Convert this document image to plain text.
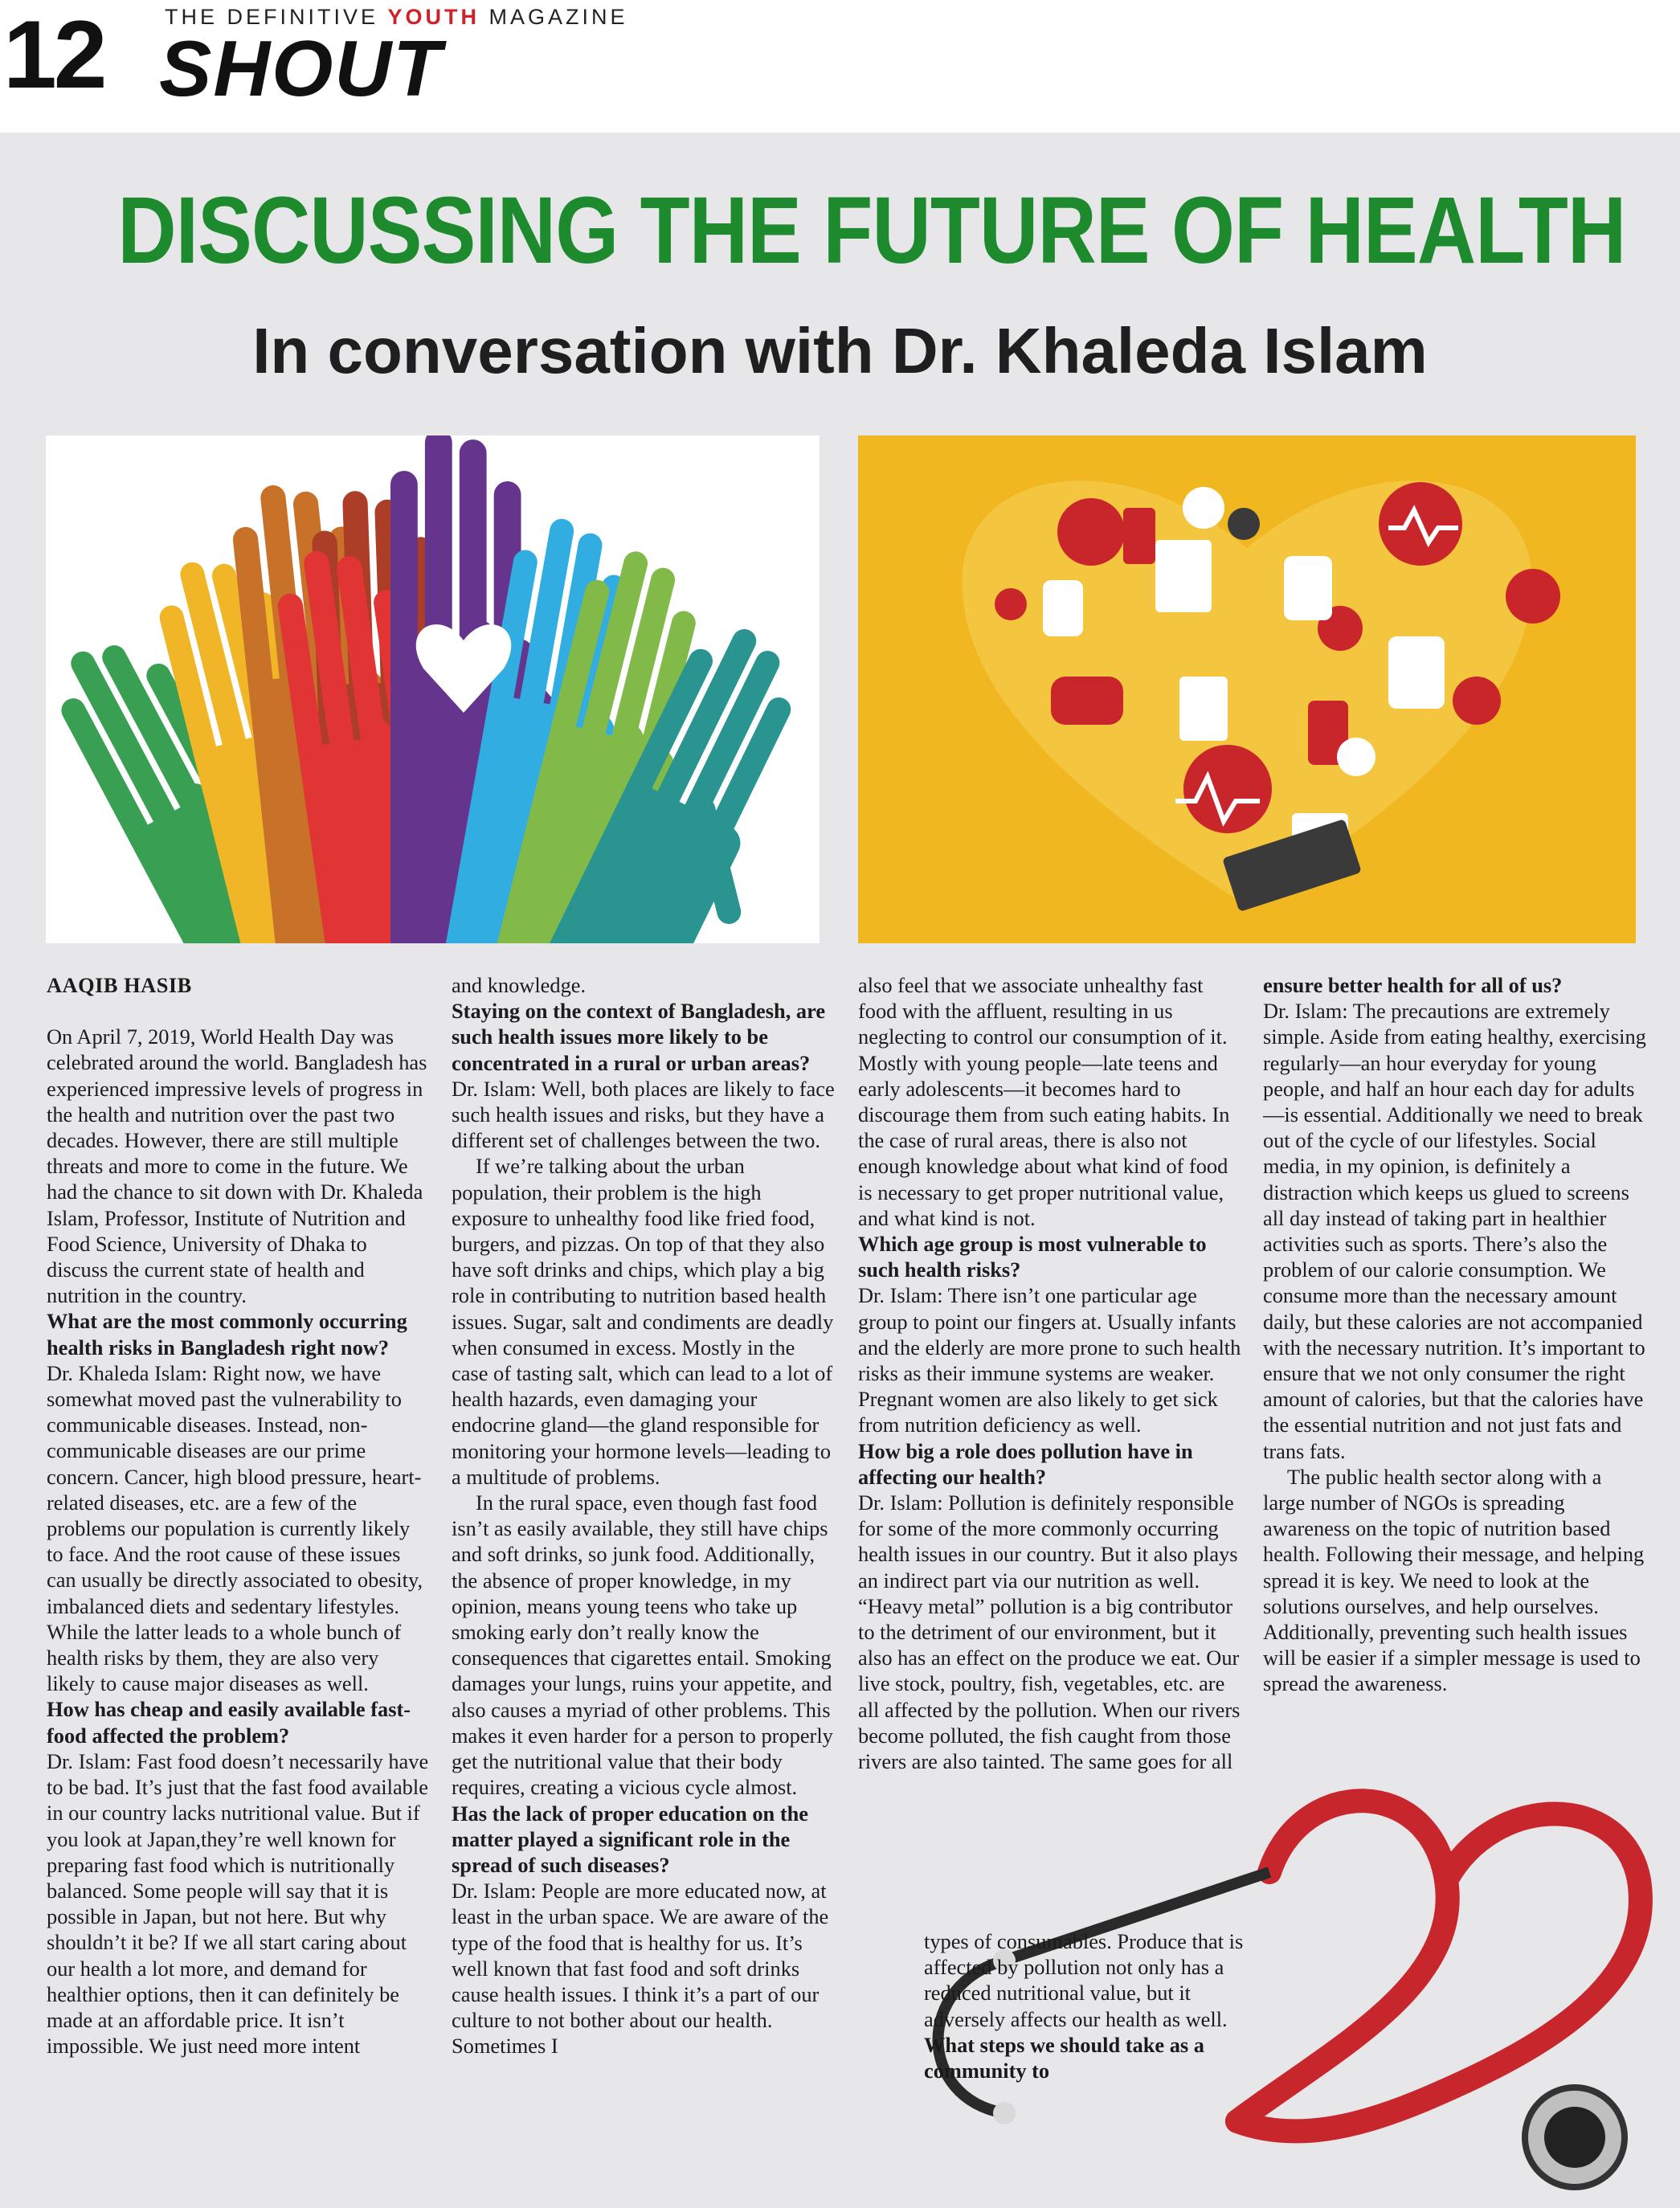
12	THE DEFINITIVE YOUTH MAGAZINE
SHOUT
DISCUSSING THE FUTURE OF HEALTH
In conversation with Dr. Khaleda Islam

AAQIB HASIB

On April 7, 2019, World Health Day was celebrated around the world. Bangladesh has experienced impressive levels of progress in the health and nutrition over the past two decades. However, there are still multiple threats and more to come in the future. We had the chance to sit down with Dr. Khaleda Islam, Professor, Institute of Nutrition and Food Science, University of Dhaka to discuss the current state of health and nutrition in the country.

What are the most commonly occurring health risks in Bangladesh right now?

Dr. Khaleda Islam: Right now, we have somewhat moved past the vulnerability to communicable diseases. Instead, non-communicable diseases are our prime concern. Cancer, high blood pressure, heart-related diseases, etc. are a few of the problems our population is currently likely to face. And the root cause of these issues can usually be directly associated to obesity, imbalanced diets and sedentary lifestyles. While the latter leads to a whole bunch of health risks by them, they are also very likely to cause major diseases as well.

How has cheap and easily available fast-food affected the problem?

Dr. Islam: Fast food doesn’t necessarily have to be bad. It’s just that the fast food available in our country lacks nutritional value. But if you look at Japan,they’re well known for preparing fast food which is nutritionally balanced. Some people will say that it is possible in Japan, but not here. But why shouldn’t it be? If we all start caring about our health a lot more, and demand for healthier options, then it can definitely be made at an affordable price. It isn’t impossible. We just need more intent

and knowledge.

Staying on the context of Bangladesh, are such health issues more likely to be concentrated in a rural or urban areas?

Dr. Islam: Well, both places are likely to face such health issues and risks, but they have a different set of challenges between the two.

If we’re talking about the urban population, their problem is the high exposure to unhealthy food like fried food, burgers, and pizzas. On top of that they also have soft drinks and chips, which play a big role in contributing to nutrition based health issues. Sugar, salt and condiments are deadly when consumed in excess. Mostly in the case of tasting salt, which can lead to a lot of health hazards, even damaging your endocrine gland—the gland responsible for monitoring your hormone levels—leading to a multitude of problems.

In the rural space, even though fast food isn’t as easily available, they still have chips and soft drinks, so junk food. Additionally, the absence of proper knowledge, in my opinion, means young teens who take up smoking early don’t really know the consequences that cigarettes entail. Smoking damages your lungs, ruins your appetite, and also causes a myriad of other problems. This makes it even harder for a person to properly get the nutritional value that their body requires, creating a vicious cycle almost.

Has the lack of proper education on the matter played a significant role in the spread of such diseases?

Dr. Islam: People are more educated now, at least in the urban space. We are aware of the type of the food that is healthy for us. It’s well known that fast food and soft drinks cause health issues. I think it’s a part of our culture to not bother about our health. Sometimes I

also feel that we associate unhealthy fast food with the affluent, resulting in us neglecting to control our consumption of it. Mostly with young people—late teens and early adolescents—it becomes hard to discourage them from such eating habits. In the case of rural areas, there is also not enough knowledge about what kind of food is necessary to get proper nutritional value, and what kind is not.

Which age group is most vulnerable to such health risks?

Dr. Islam: There isn’t one particular age group to point our fingers at. Usually infants and the elderly are more prone to such health risks as their immune systems are weaker. Pregnant women are also likely to get sick from nutrition deficiency as well.

How big a role does pollution have in affecting our health?

Dr. Islam: Pollution is definitely responsible for some of the more commonly occurring health issues in our country. But it also plays an indirect part via our nutrition as well. “Heavy metal” pollution is a big contributor to the detriment of our environment, but it also has an effect on the produce we eat. Our live stock, poultry, fish, vegetables, etc. are all affected by the pollution. When our rivers become polluted, the fish caught from those rivers are also tainted. The same goes for all

ensure better health for all of us?

Dr. Islam: The precautions are extremely simple. Aside from eating healthy, exercising regularly—an hour everyday for young people, and half an hour each day for adults—is essential. Additionally we need to break out of the cycle of our lifestyles. Social media, in my opinion, is definitely a distraction which keeps us glued to screens all day instead of taking part in healthier activities such as sports. There’s also the problem of our calorie consumption. We consume more than the necessary amount daily, but these calories are not accompanied with the necessary nutrition. It’s important to ensure that we not only consumer the right amount of calories, but that the calories have the essential nutrition and not just fats and trans fats.

The public health sector along with a large number of NGOs is spreading awareness on the topic of nutrition based health. Following their message, and helping spread it is key. We need to look at the solutions ourselves, and help ourselves. Additionally, preventing such health issues will be easier if a simpler message is used to spread the awareness.

types of consumables. Produce that is affected by pollution not only has a reduced nutritional value, but it adversely affects our health as well.

What steps we should take as a community to
